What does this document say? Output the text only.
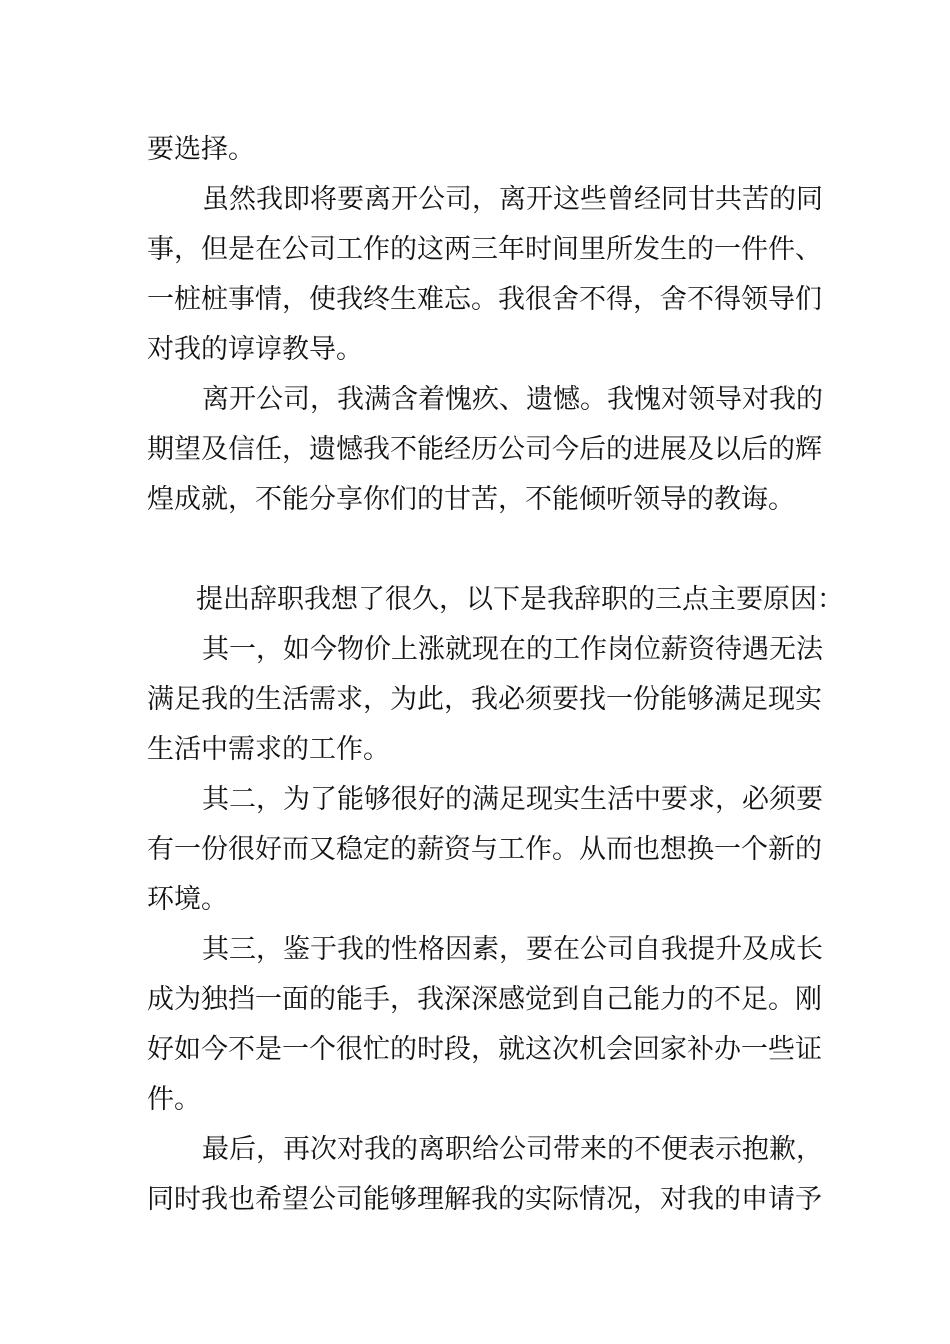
要选择。
虽然我即将要离开公司，离开这些曾经同甘共苦的同
事，但是在公司工作的这两三年时间里所发生的一件件、
一桩桩事情，使我终生难忘。我很舍不得，舍不得领导们
对我的谆谆教导。
离开公司，我满含着愧疚、遗憾。我愧对领导对我的
期望及信任，遗憾我不能经历公司今后的进展及以后的辉
煌成就，不能分享你们的甘苦，不能倾听领导的教诲。
提出辞职我想了很久，以下是我辞职的三点主要原因：
其一，如今物价上涨就现在的工作岗位薪资待遇无法
满足我的生活需求，为此，我必须要找一份能够满足现实
生活中需求的工作。
其二，为了能够很好的满足现实生活中要求，必须要
有一份很好而又稳定的薪资与工作。从而也想换一个新的
环境。
其三，鉴于我的性格因素，要在公司自我提升及成长
成为独挡一面的能手，我深深感觉到自己能力的不足。刚
好如今不是一个很忙的时段，就这次机会回家补办一些证
件。
最后，再次对我的离职给公司带来的不便表示抱歉，
同时我也希望公司能够理解我的实际情况，对我的申请予
